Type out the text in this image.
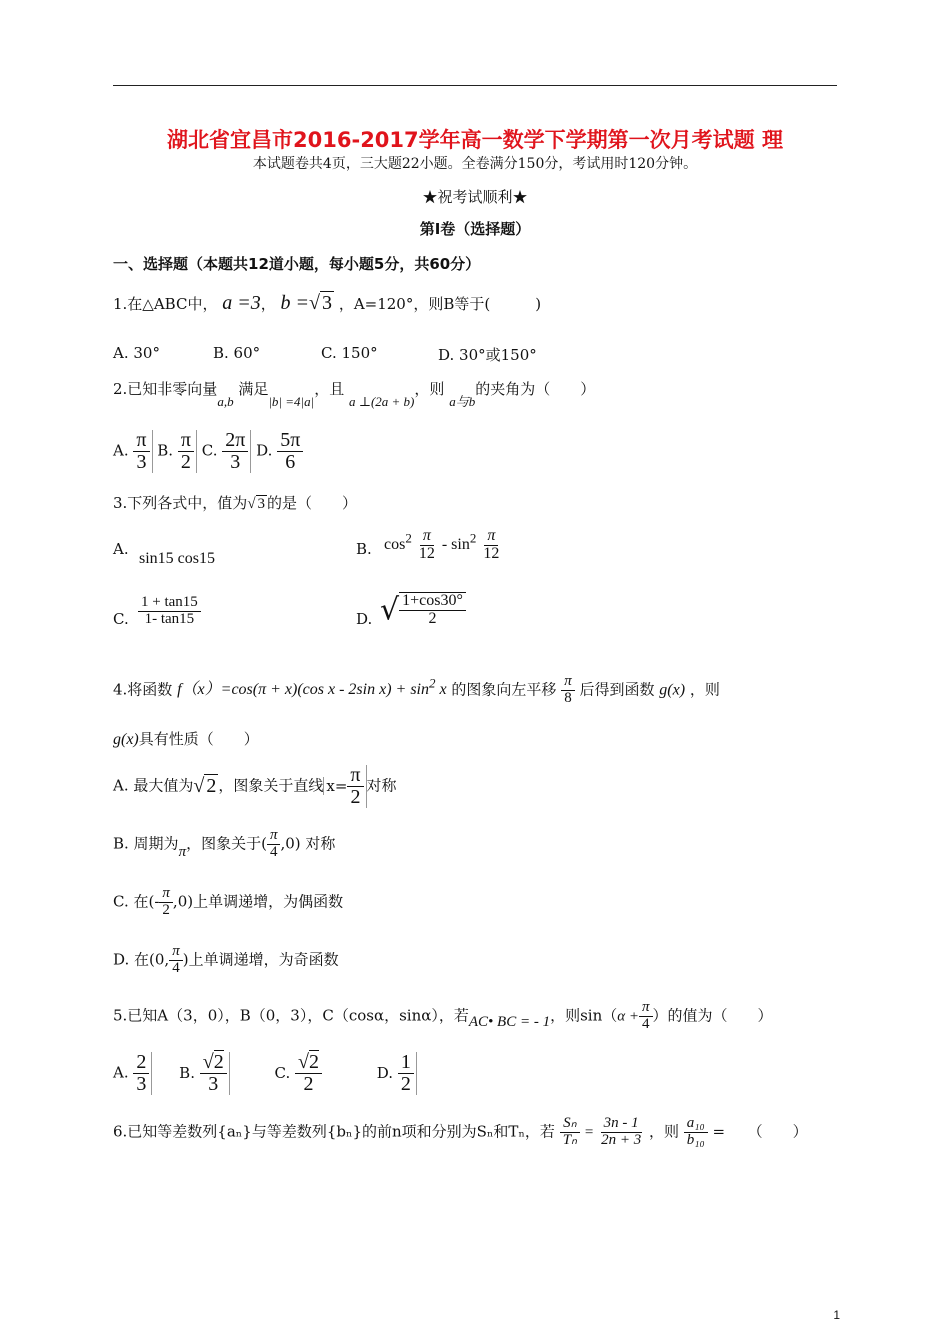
湖北省宜昌市2016-2017学年高一数学下学期第一次月考试题 理
本试题卷共4页，三大题22小题。全卷满分150分，考试用时120分钟。
★祝考试顺利★
第Ⅰ卷（选择题）
一、选择题（本题共12道小题，每小题5分，共60分）
1.在△ABC中， a =3， b =√ 3 ，A=120°，则B等于(　　　)
A. 30°	B. 60°	C. 150°	D. 30°或150°
2.已知非零向量a,b 满足|b| =4|a|，且 a ⊥(2a + b)，则 a与b的夹角为（　　）
A. $\frac{\pi}{3} B$. $\frac{\pi}{2} C$. $\frac{2\pi}{3} D$. $\frac{5\pi}{6}$
3.下列各式中，值为√ 3 的是（　　）
A.
sin15 cos15
B. $\cos^2 \frac{\pi}{12} - \sin^2 \frac{\pi}{12}$
C. $\frac{1 + \tan 15}{1- \tan 15}$	D. √ $\frac{1+\cos 30^\circ}{2}$
4.将函数 f（x）=cos(π + x)(cos x - 2sin $x) + \sin^2 x$ 的图象向左平移 $\frac{\pi}{8}$ 后得到函数 g(x) ，则
g(x)具有性质（　　）
A. 最大值为√ 2 ，图象关于直线 $x= \frac{\pi}{2}$ 对称
B. 周期为π，图象关于( $\frac{\pi}{4} ,0$) 对称
C. 在(- $\frac{\pi}{2} ,0$)上单调递增，为偶函数
D. 在(0, $\frac{\pi}{4}$ )上单调递增，为奇函数
5.已知A（3，0），B（0，3），C（cosα，sinα），若AC• BC = - 1，则$\sin(\alpha + \frac{\pi}{4}$ ）的值为（　　）
A. $\frac{2}{3} B$. $\frac{√2}{3}$	C. $\frac{√2}{2}$	D. $\frac{1}{2}$
6.已知等差数列{aₙ}与等差数列{bₙ}的前n项和分别为Sₙ和Tₙ，若 $\frac{\text{Sₙ}}{\text{Tₙ}} = \frac{3n - 1}{2n + 3}$ ，则 $\frac{\text{a₁₀}}{\text{b₁₀}}$ =　　（　　）
1
